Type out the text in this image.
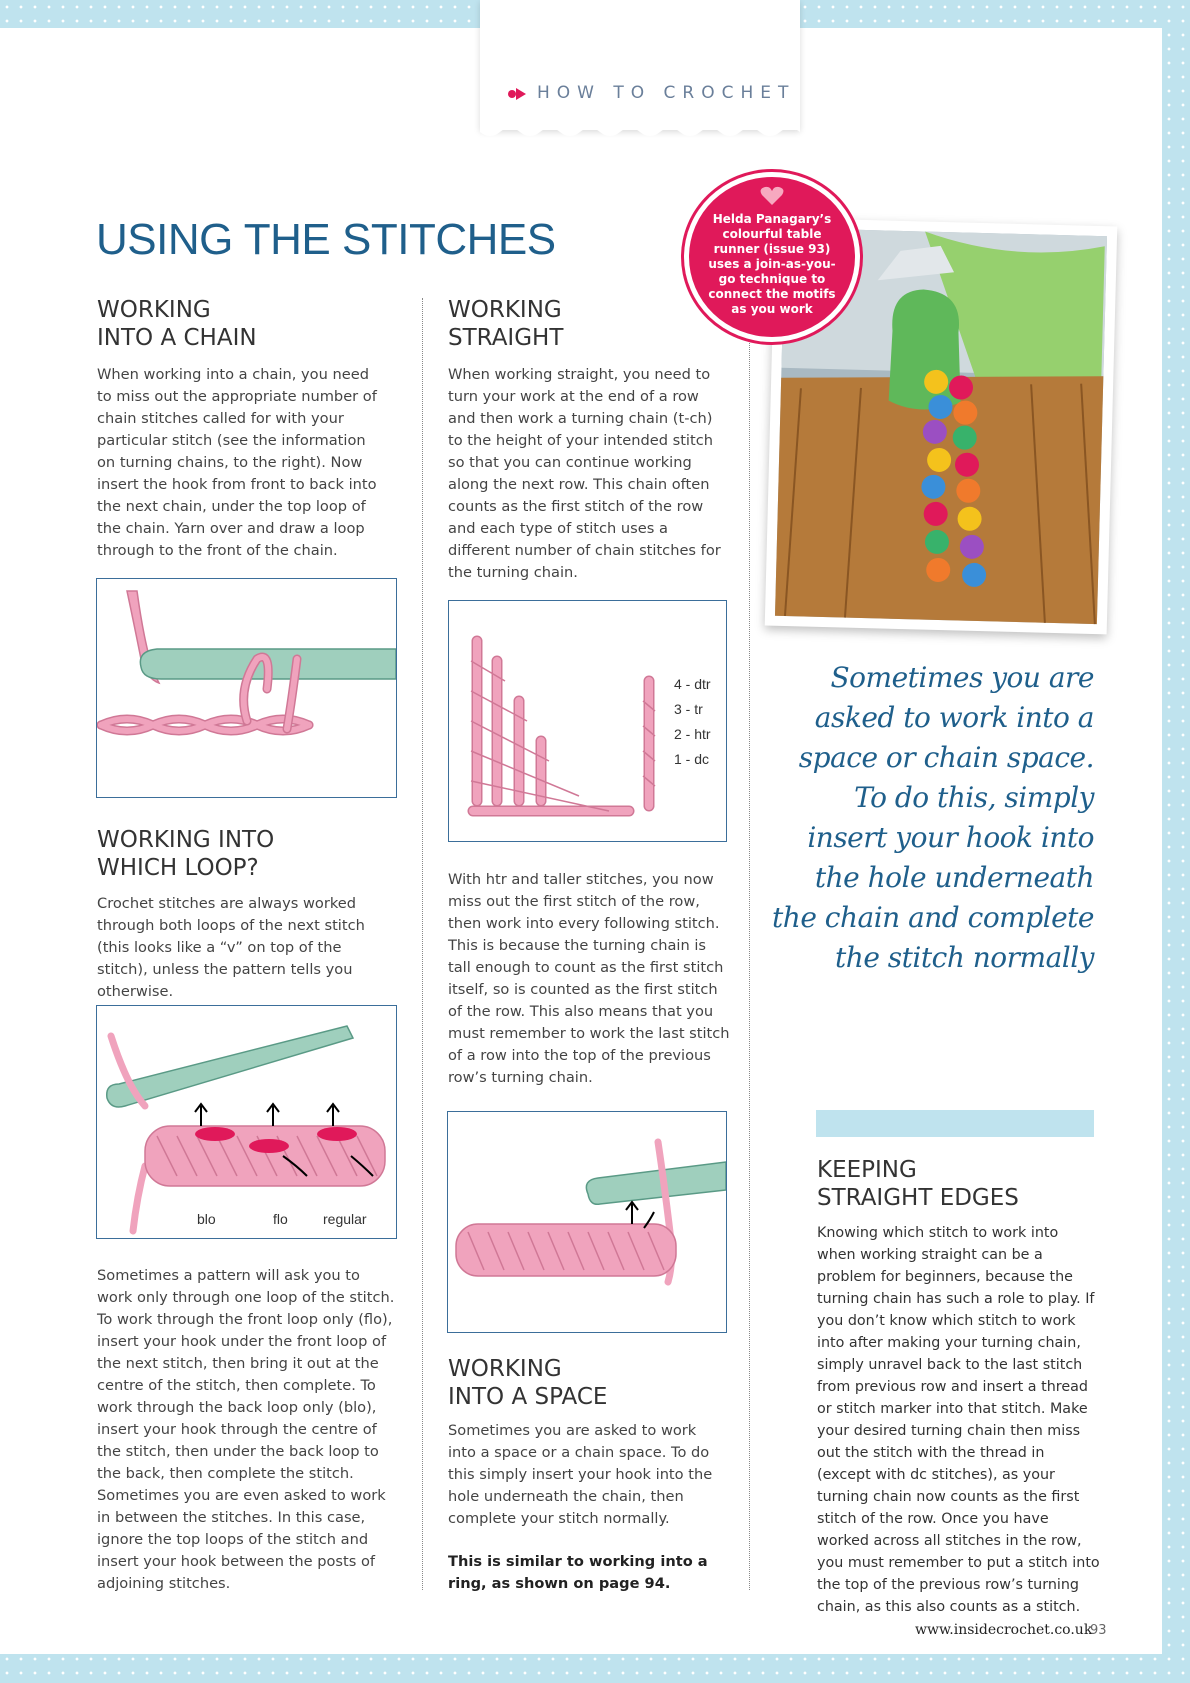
HOW TO CROCHET
USING THE STITCHES
WORKING
INTO A CHAIN

When working into a chain, you need to miss out the appropriate number of chain stitches called for with your particular stitch (see the information on turning chains, to the right). Now insert the hook from front to back into the next chain, under the top loop of the chain. Yarn over and draw a loop through to the front of the chain.

WORKING INTO
WHICH LOOP?

Crochet stitches are always worked through both loops of the next stitch (this looks like a “v” on top of the stitch), unless the pattern tells you otherwise.

blo	flo	regular

Sometimes a pattern will ask you to work only through one loop of the stitch. To work through the front loop only (flo), insert your hook under the front loop of the next stitch, then bring it out at the centre of the stitch, then complete. To work through the back loop only (blo), insert your hook through the centre of the stitch, then under the back loop to the back, then complete the stitch. Sometimes you are even asked to work in between the stitches. In this case, ignore the top loops of the stitch and insert your hook between the posts of adjoining stitches.

WORKING
STRAIGHT

When working straight, you need to turn your work at the end of a row and then work a turning chain (t-ch) to the height of your intended stitch so that you can continue working along the next row. This chain often counts as the first stitch of the row and each type of stitch uses a different number of chain stitches for the turning chain.

4 - dtr
3 - tr
2 - htr
1 - dc

With htr and taller stitches, you now miss out the first stitch of the row, then work into every following stitch. This is because the turning chain is tall enough to count as the first stitch itself, so is counted as the first stitch of the row. This also means that you must remember to work the last stitch of a row into the top of the previous row’s turning chain.

WORKING
INTO A SPACE

Sometimes you are asked to work into a space or a chain space. To do this simply insert your hook into the hole underneath the chain, then complete your stitch normally.

This is similar to working into a ring, as shown on page 94.

Helda Panagary’s colourful table runner (issue 93) uses a join-as-you-go technique to connect the motifs as you work
Sometimes you are asked to work into a space or chain space. To do this, simply insert your hook into the hole underneath the chain and complete the stitch normally
KEEPING
STRAIGHT EDGES

Knowing which stitch to work into when working straight can be a problem for beginners, because the turning chain has such a role to play. If you don’t know which stitch to work into after making your turning chain, simply unravel back to the last stitch from previous row and insert a thread or stitch marker into that stitch. Make your desired turning chain then miss out the stitch with the thread in (except with dc stitches), as your turning chain now counts as the first stitch of the row. Once you have worked across all stitches in the row, you must remember to put a stitch into the top of the previous row’s turning chain, as this also counts as a stitch.

www.insidecrochet.co.uk
93
